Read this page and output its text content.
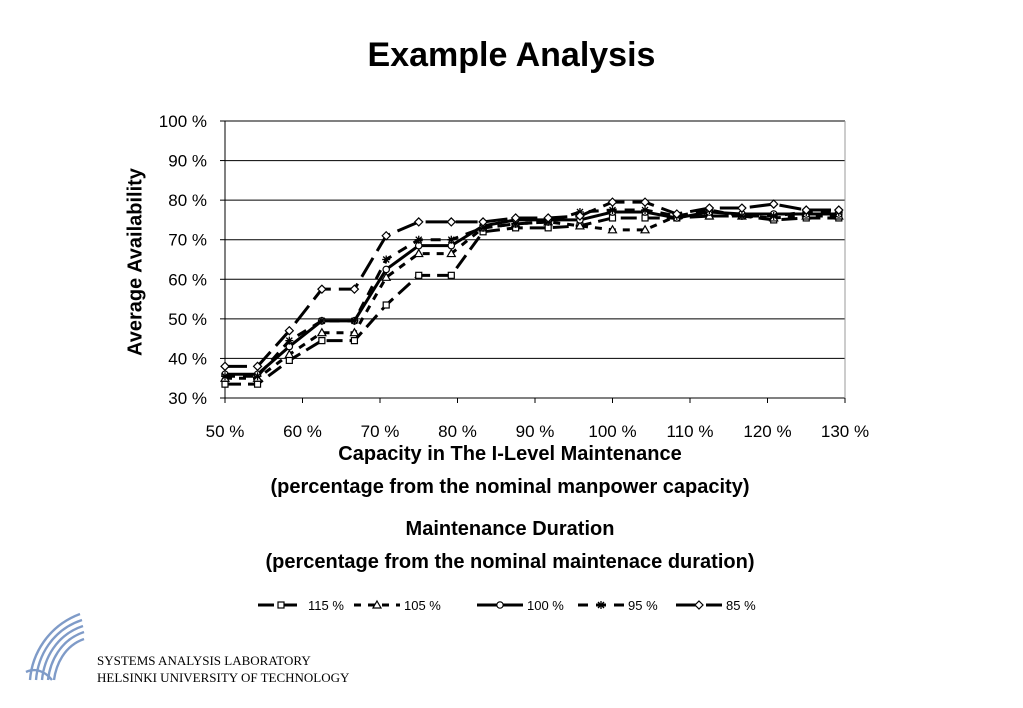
Example Analysis
30 %
40 %
50 %
60 %
70 %
80 %
90 %
100 %
50 % 60 % 70 % 80 % 90 % 100 % 110 % 120 % 130 %
Average Availability
Capacity in The I-Level Maintenance
(percentage from the nominal manpower capacity)
Maintenance Duration
(percentage from the nominal maintenace duration)
115 %	105 %	100 %	95 %	85 %
SYSTEMS ANALYSIS LABORATORY
HELSINKI UNIVERSITY OF TECHNOLOGY
